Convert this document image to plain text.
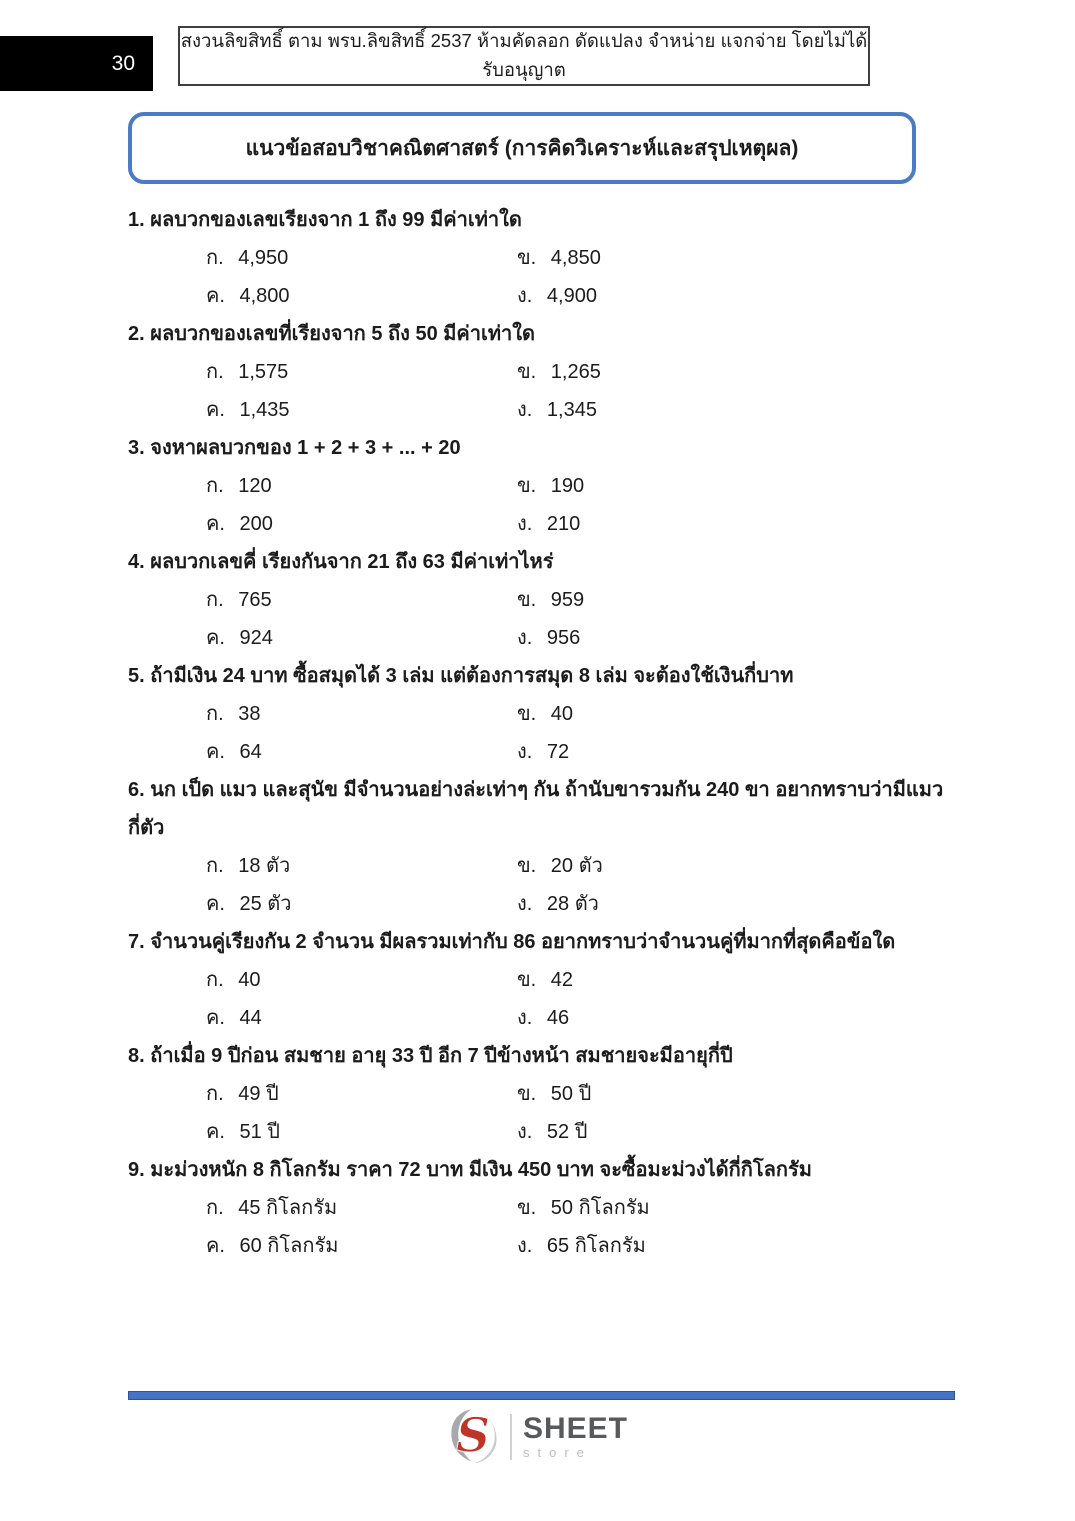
30
สงวนลิขสิทธิ์ ตาม พรบ.ลิขสิทธิ์ 2537 ห้ามคัดลอก ดัดแปลง จำหน่าย แจกจ่าย โดยไม่ได้รับอนุญาต
แนวข้อสอบวิชาคณิตศาสตร์ (การคิดวิเคราะห์และสรุปเหตุผล)
1. ผลบวกของเลขเรียงจาก 1 ถึง 99 มีค่าเท่าใด
ก. 4,950	ข. 4,850
ค. 4,800	ง. 4,900
2. ผลบวกของเลขที่เรียงจาก 5 ถึง 50 มีค่าเท่าใด
ก. 1,575	ข. 1,265
ค. 1,435	ง. 1,345
3. จงหาผลบวกของ 1 + 2 + 3 + ... + 20
ก. 120	ข. 190
ค. 200	ง. 210
4. ผลบวกเลขคี่ เรียงกันจาก 21 ถึง 63 มีค่าเท่าไหร่
ก. 765	ข. 959
ค. 924	ง. 956
5. ถ้ามีเงิน 24 บาท ซื้อสมุดได้ 3 เล่ม แต่ต้องการสมุด 8 เล่ม จะต้องใช้เงินกี่บาท
ก. 38	ข. 40
ค. 64	ง. 72
6. นก เป็ด แมว และสุนัข มีจำนวนอย่างล่ะเท่าๆ กัน ถ้านับขารวมกัน 240 ขา อยากทราบว่ามีแมวกี่ตัว
ก. 18 ตัว	ข. 20 ตัว
ค. 25 ตัว	ง. 28 ตัว
7. จำนวนคู่เรียงกัน 2 จำนวน มีผลรวมเท่ากับ 86 อยากทราบว่าจำนวนคู่ที่มากที่สุดคือข้อใด
ก. 40	ข. 42
ค. 44	ง. 46
8. ถ้าเมื่อ 9 ปีก่อน สมชาย อายุ 33 ปี อีก 7 ปีข้างหน้า สมชายจะมีอายุกี่ปี
ก. 49 ปี	ข. 50 ปี
ค. 51 ปี	ง. 52 ปี
9. มะม่วงหนัก 8 กิโลกรัม ราคา 72 บาท มีเงิน 450 บาท จะซื้อมะม่วงได้กี่กิโลกรัม
ก. 45 กิโลกรัม	ข. 50 กิโลกรัม
ค. 60 กิโลกรัม	ง. 65 กิโลกรัม
S SHEET
store
